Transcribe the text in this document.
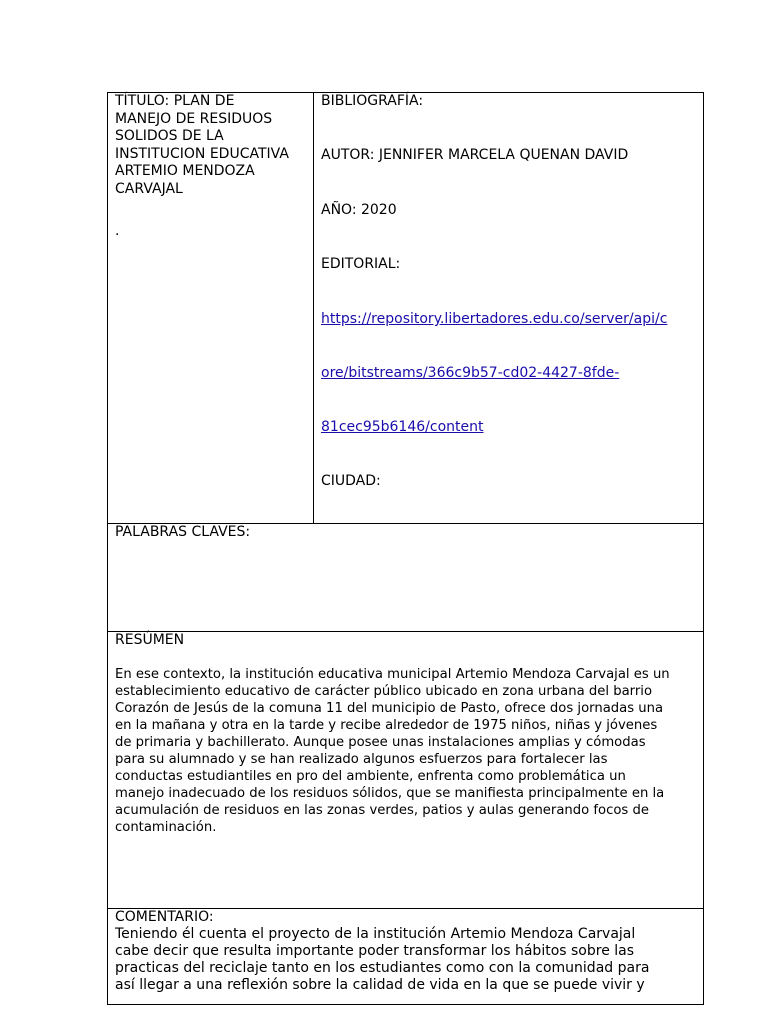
TÍTULO: PLAN DE
MANEJO DE RESIDUOS
SOLIDOS DE LA
INSTITUCION EDUCATIVA
ARTEMIO MENDOZA
CARVAJAL

.
BIBLIOGRAFÍA:
AUTOR: JENNIFER MARCELA QUENAN DAVID
AÑO: 2020
EDITORIAL:
https://repository.libertadores.edu.co/server/api/c
ore/bitstreams/366c9b57-cd02-4427-8fde-
81cec95b6146/content
CIUDAD:

PALABRAS CLAVES:

RESÚMEN

En ese contexto, la institución educativa municipal Artemio Mendoza Carvajal es un
establecimiento educativo de carácter público ubicado en zona urbana del barrio
Corazón de Jesús de la comuna 11 del municipio de Pasto, ofrece dos jornadas una
en la mañana y otra en la tarde y recibe alrededor de 1975 niños, niñas y jóvenes
de primaria y bachillerato. Aunque posee unas instalaciones amplias y cómodas
para su alumnado y se han realizado algunos esfuerzos para fortalecer las
conductas estudiantiles en pro del ambiente, enfrenta como problemática un
manejo inadecuado de los residuos sólidos, que se manifiesta principalmente en la
acumulación de residuos en las zonas verdes, patios y aulas generando focos de
contaminación.

COMENTARIO:

Teniendo él cuenta el proyecto de la institución Artemio Mendoza Carvajal
cabe decir que resulta importante poder transformar los hábitos sobre las
practicas del reciclaje tanto en los estudiantes como con la comunidad para
así llegar a una reflexión sobre la calidad de vida en la que se puede vivir y
